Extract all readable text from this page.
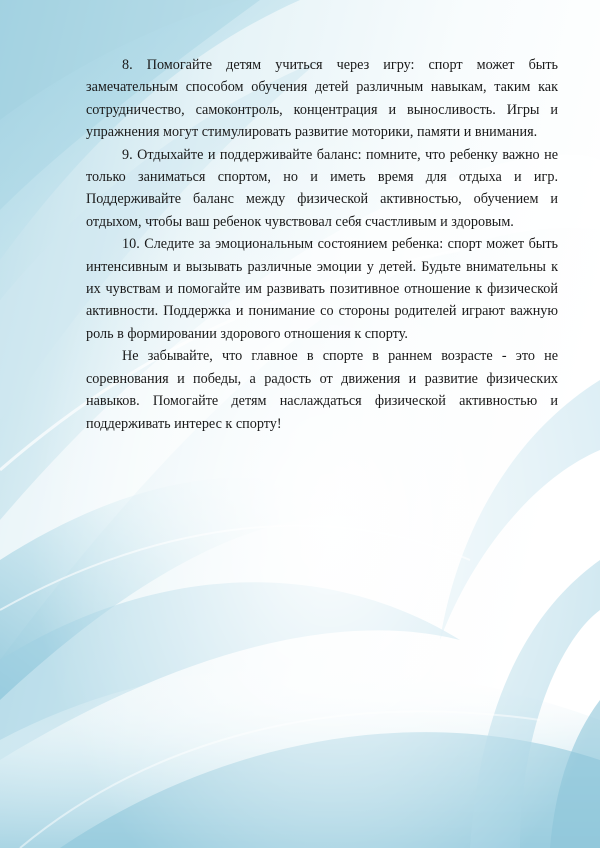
8. Помогайте детям учиться через игру: спорт может быть замечательным способом обучения детей различным навыкам, таким как сотрудничество, самоконтроль, концентрация и выносливость. Игры и упражнения могут стимулировать развитие моторики, памяти и внимания.

9. Отдыхайте и поддерживайте баланс: помните, что ребенку важно не только заниматься спортом, но и иметь время для отдыха и игр. Поддерживайте баланс между физической активностью, обучением и отдыхом, чтобы ваш ребенок чувствовал себя счастливым и здоровым.

10. Следите за эмоциональным состоянием ребенка: спорт может быть интенсивным и вызывать различные эмоции у детей. Будьте внимательны к их чувствам и помогайте им развивать позитивное отношение к физической активности. Поддержка и понимание со стороны родителей играют важную роль в формировании здорового отношения к спорту.

Не забывайте, что главное в спорте в раннем возрасте - это не соревнования и победы, а радость от движения и развитие физических навыков. Помогайте детям наслаждаться физической активностью и поддерживать интерес к спорту!
